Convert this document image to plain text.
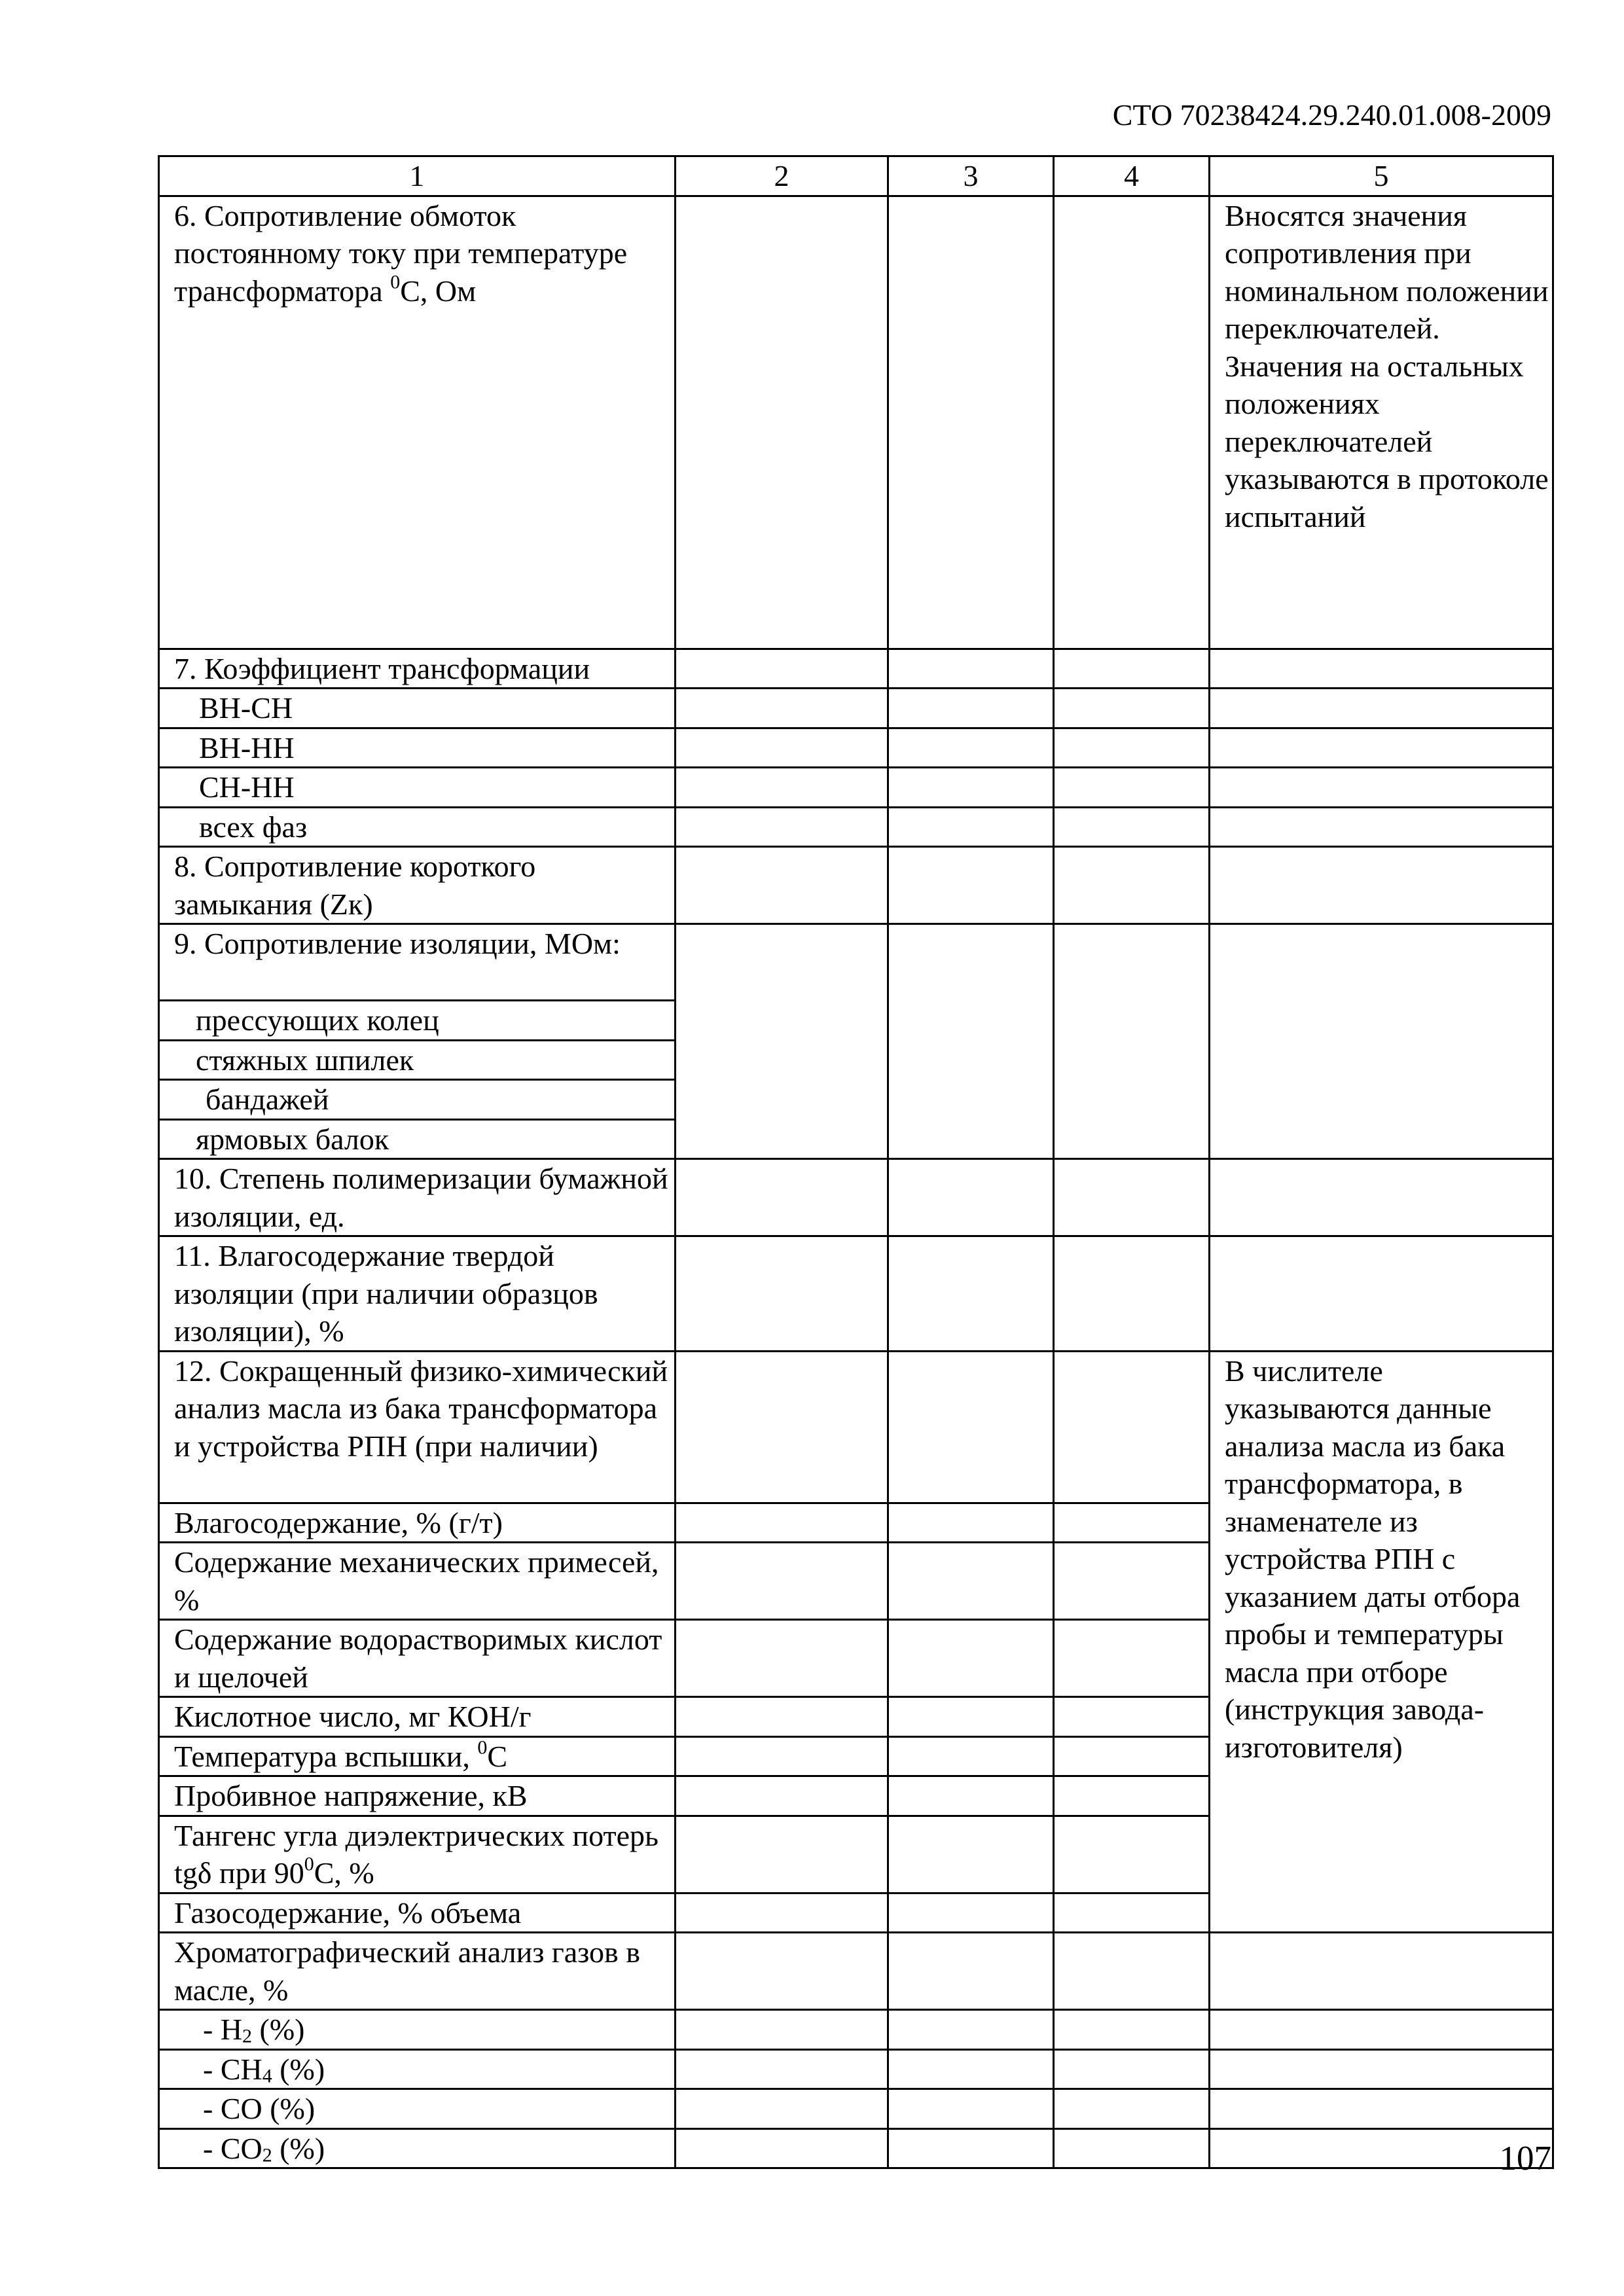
СТО 70238424.29.240.01.008-2009
1	2	3	4	5
6. Сопротивление обмоток постоянному току при температуре трансформатора $^0$С, Ом				Вносятся значения сопротивления при номинальном положении переключателей. Значения на остальных положениях переключателей указываются в протоколе испытаний
7. Коэффициент трансформации				
ВН-СН				
ВН-НН				
СН-НН				
всех фаз				
8. Сопротивление короткого замыкания (Zк)				
9. Сопротивление изоляции, МОм:				
прессующих колец				
стяжных шпилек				
бандажей				
ярмовых балок				
10. Степень полимеризации бумажной изоляции, ед.				
11. Влагосодержание твердой изоляции (при наличии образцов изоляции), %				
12. Сокращенный физико-химический анализ масла из бака трансформатора и устройства РПН (при наличии)				В числителе указываются данные анализа масла из бака трансформатора, в знаменателе из устройства РПН с указанием даты отбора пробы и температуры масла при отборе (инструкция завода-изготовителя)
Влагосодержание, % (г/т)				
Содержание механических примесей, %				
Содержание водорастворимых кислот и щелочей				
Кислотное число, мг КОН/г				
Температура вспышки, $^0$С				
Пробивное напряжение, кВ				
Тангенс угла диэлектрических потерь tgδ при $90^0С$, %				
Газосодержание, % объема				
Хроматографический анализ газов в масле, %				
- $H_2$ (%)				
- $CH_4$ (%)				
- CO (%)				
- $CO_2$ (%)					107
